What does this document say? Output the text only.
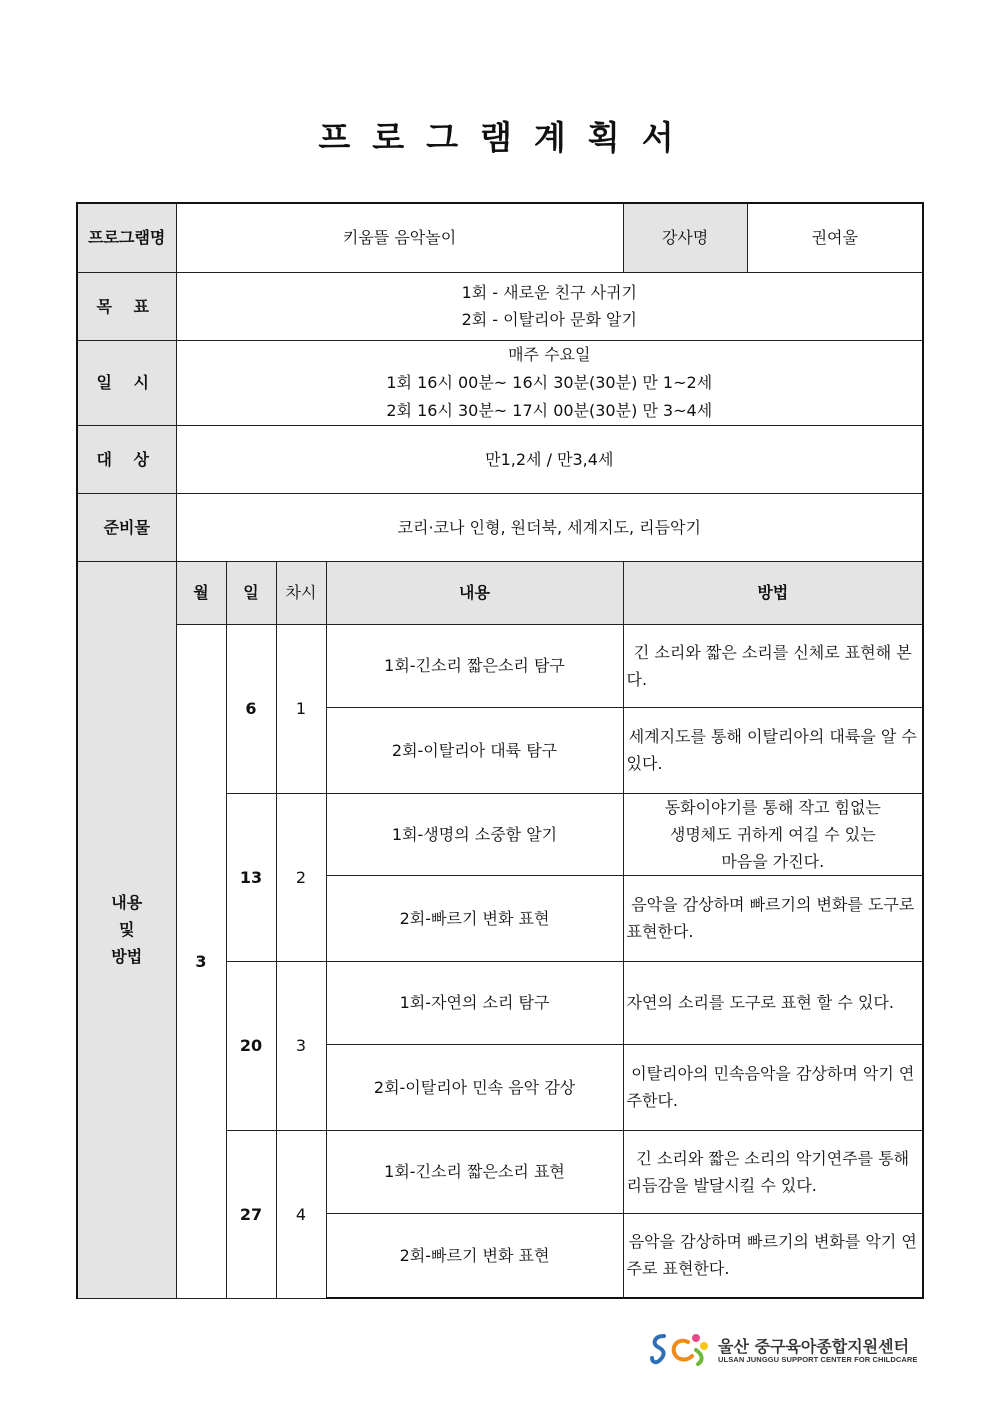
프로그램계획서
프로그램명	키움뜰 음악놀이				강사명	권여울
목 표	1회 - 새로운 친구 사귀기
2회 - 이탈리아 문화 알기					

일 시	매주 수요일
1회 16시 00분~ 16시 30분(30분) 만 1~2세
2회 16시 30분~ 17시 00분(30분) 만 3~4세					

대 상	만1,2세 / 만3,4세					
준비물	코리·코나 인형, 원더북, 세계지도, 리듬악기					

내용
및
방법	월	일	차시	내용	방법	
	3	6	1	1회-긴소리 짧은소리 탐구	긴 소리와 짧은 소리를 신체로 표현해 본다.	
				2회-이탈리아 대륙 탐구	세계지도를 통해 이탈리아의 대륙을 알 수 있다.	
		13	2	1회-생명의 소중함 알기	동화이야기를 통해 작고 힘없는
생명체도 귀하게 여길 수 있는
마음을 가진다.	

				2회-빠르기 변화 표현	음악을 감상하며 빠르기의 변화를 도구로 표현한다.	
		20	3	1회-자연의 소리 탐구	자연의 소리를 도구로 표현 할 수 있다.	
				2회-이탈리아 민속 음악 감상	이탈리아의 민속음악을 감상하며 악기 연주한다.	
		27	4	1회-긴소리 짧은소리 표현	긴 소리와 짧은 소리의 악기연주를 통해 리듬감을 발달시킬 수 있다.	
				2회-빠르기 변화 표현	음악을 감상하며 빠르기의 변화를 악기 연주로 표현한다.	
울산 중구육아종합지원센터
ULSAN JUNGGU SUPPORT CENTER FOR CHILDCARE
